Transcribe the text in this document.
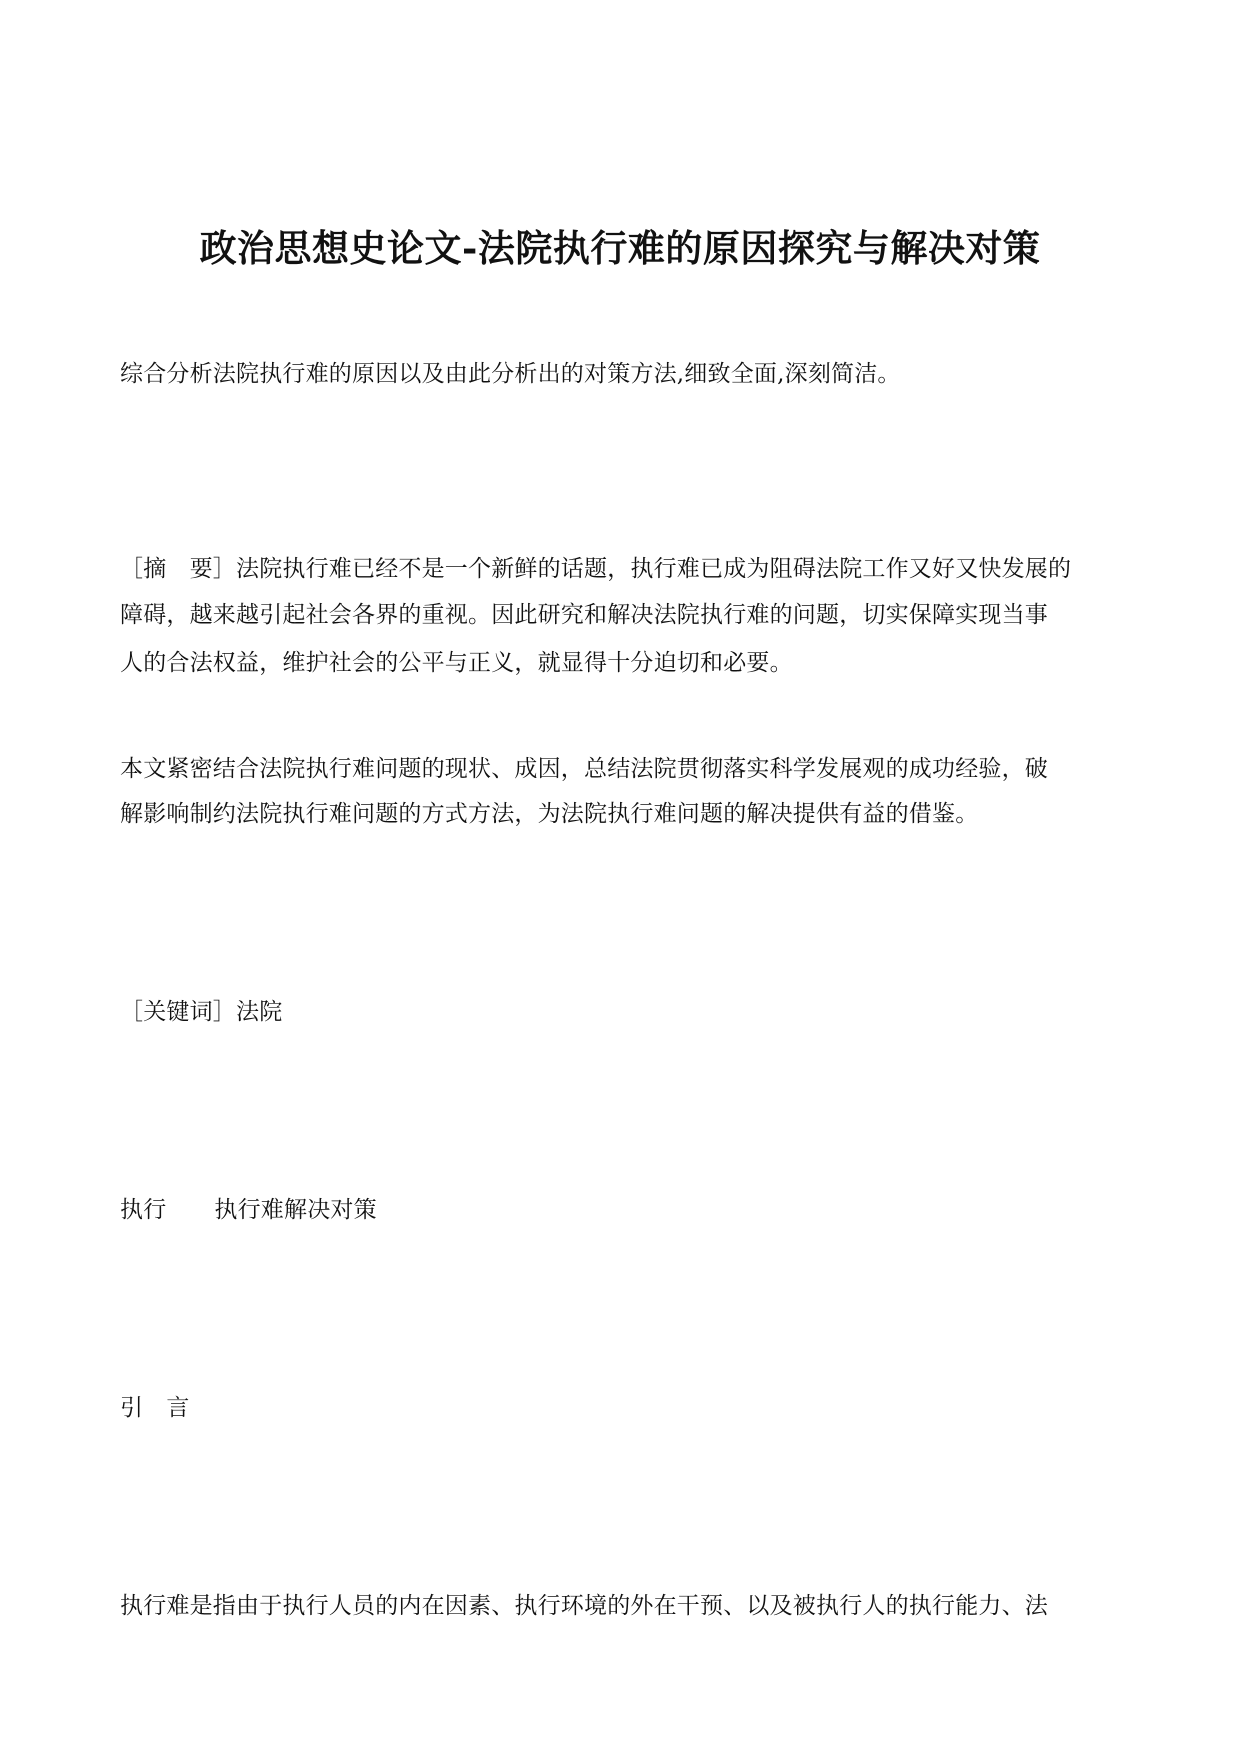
政治思想史论文-法院执行难的原因探究与解决对策
综合分析法院执行难的原因以及由此分析出的对策方法,细致全面,深刻简洁。
［摘　要］法院执行难已经不是一个新鲜的话题，执行难已成为阻碍法院工作又好又快发展的
障碍，越来越引起社会各界的重视。因此研究和解决法院执行难的问题，切实保障实现当事
人的合法权益，维护社会的公平与正义，就显得十分迫切和必要。
本文紧密结合法院执行难问题的现状、成因，总结法院贯彻落实科学发展观的成功经验，破
解影响制约法院执行难问题的方式方法，为法院执行难问题的解决提供有益的借鉴。
［关键词］法院
执行 执行难解决对策
引　言
执行难是指由于执行人员的内在因素、执行环境的外在干预、以及被执行人的执行能力、法
